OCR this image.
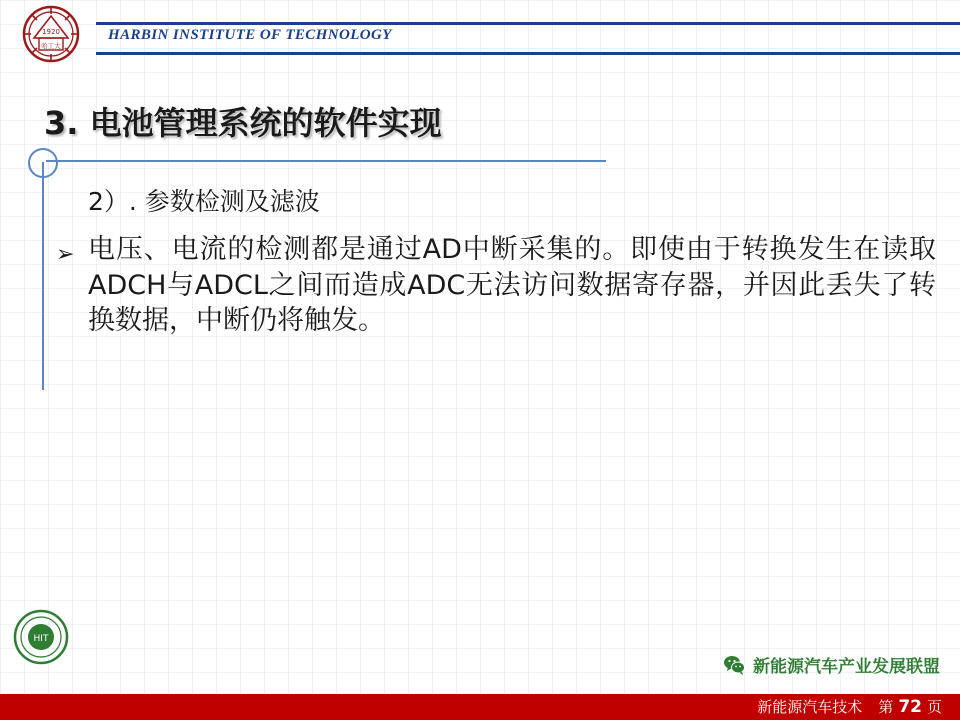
HARBIN INSTITUTE OF TECHNOLOGY
1920
哈工大
3. 电池管理系统的软件实现
2）. 参数检测及滤波
➢ 电压、电流的检测都是通过AD中断采集的。即使由于转换发生在读取ADCH与ADCL之间而造成ADC无法访问数据寄存器，并因此丢失了转换数据，中断仍将触发。
HIT
新能源汽车产业发展联盟
新能源汽车技术 第 72 页
